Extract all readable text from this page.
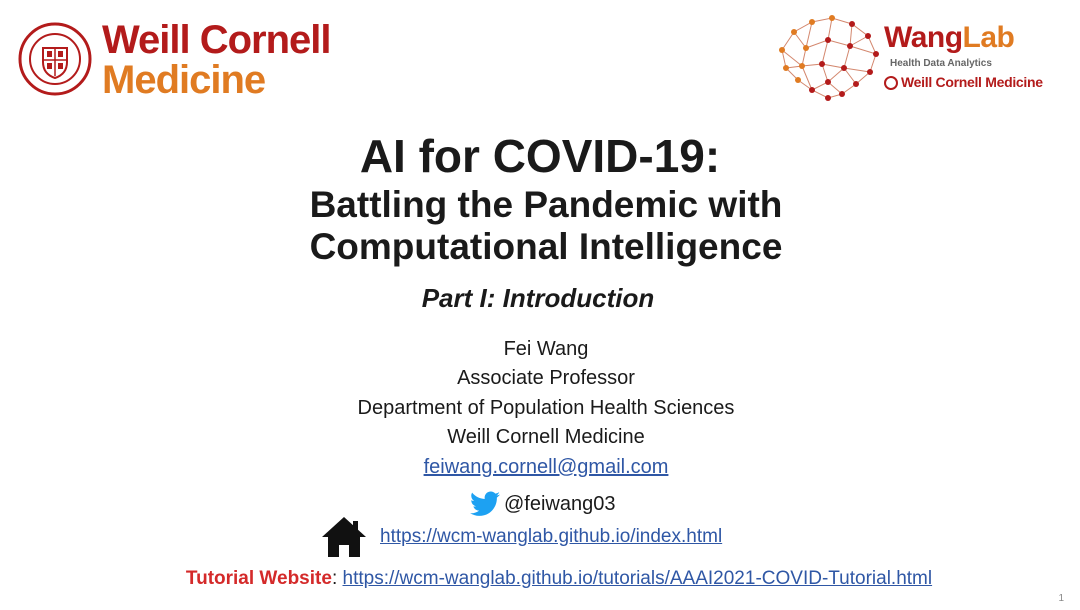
Weill Cornell
Medicine
WangLab
Health Data Analytics
Weill Cornell Medicine
AI for COVID-19:
Battling the Pandemic with
Computational Intelligence
Part I: Introduction
Fei Wang
Associate Professor
Department of Population Health Sciences
Weill Cornell Medicine
feiwang.cornell@gmail.com
@feiwang03
https://wcm-wanglab.github.io/index.html
Tutorial Website: https://wcm-wanglab.github.io/tutorials/AAAI2021-COVID-Tutorial.html
1
